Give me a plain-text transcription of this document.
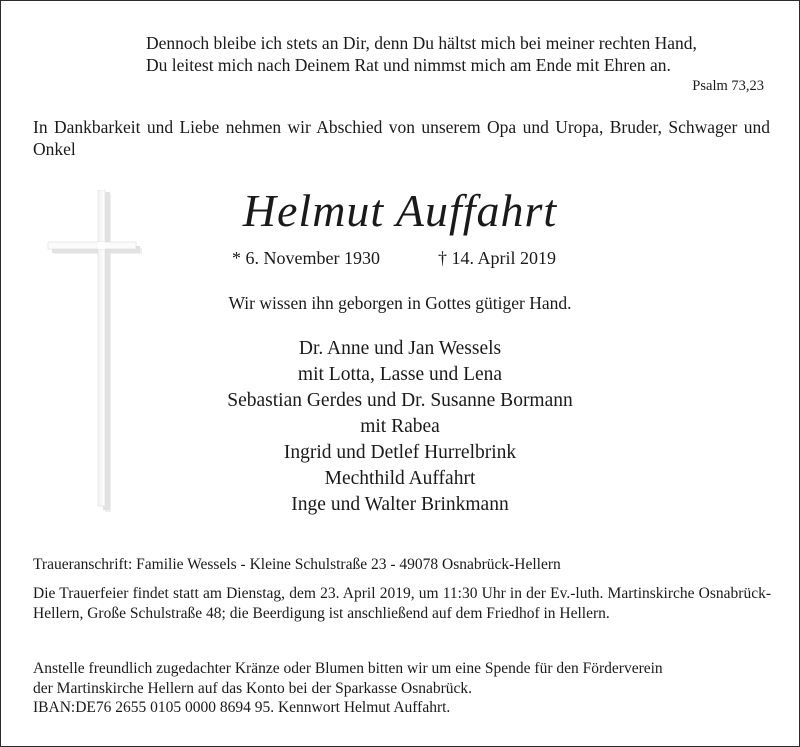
Dennoch bleibe ich stets an Dir, denn Du hältst mich bei meiner rechten Hand,
Du leitest mich nach Deinem Rat und nimmst mich am Ende mit Ehren an.
Psalm 73,23
In Dankbarkeit und Liebe nehmen wir Abschied von unserem Opa und Uropa, Bruder, Schwager und Onkel
Helmut Auffahrt
* 6. November 1930	† 14. April 2019
Wir wissen ihn geborgen in Gottes gütiger Hand.
Dr. Anne und Jan Wessels
mit Lotta, Lasse und Lena
Sebastian Gerdes und Dr. Susanne Bormann
mit Rabea
Ingrid und Detlef Hurrelbrink
Mechthild Auffahrt
Inge und Walter Brinkmann
Traueranschrift: Familie Wessels - Kleine Schulstraße 23 - 49078 Osnabrück-Hellern
Die Trauerfeier findet statt am Dienstag, dem 23. April 2019, um 11:30 Uhr in der Ev.-luth. Martinskirche Osnabrück-Hellern, Große Schulstraße 48; die Beerdigung ist anschließend auf dem Friedhof in Hellern.
Anstelle freundlich zugedachter Kränze oder Blumen bitten wir um eine Spende für den Förderverein
der Martinskirche Hellern auf das Konto bei der Sparkasse Osnabrück.
IBAN:DE76 2655 0105 0000 8694 95. Kennwort Helmut Auffahrt.
